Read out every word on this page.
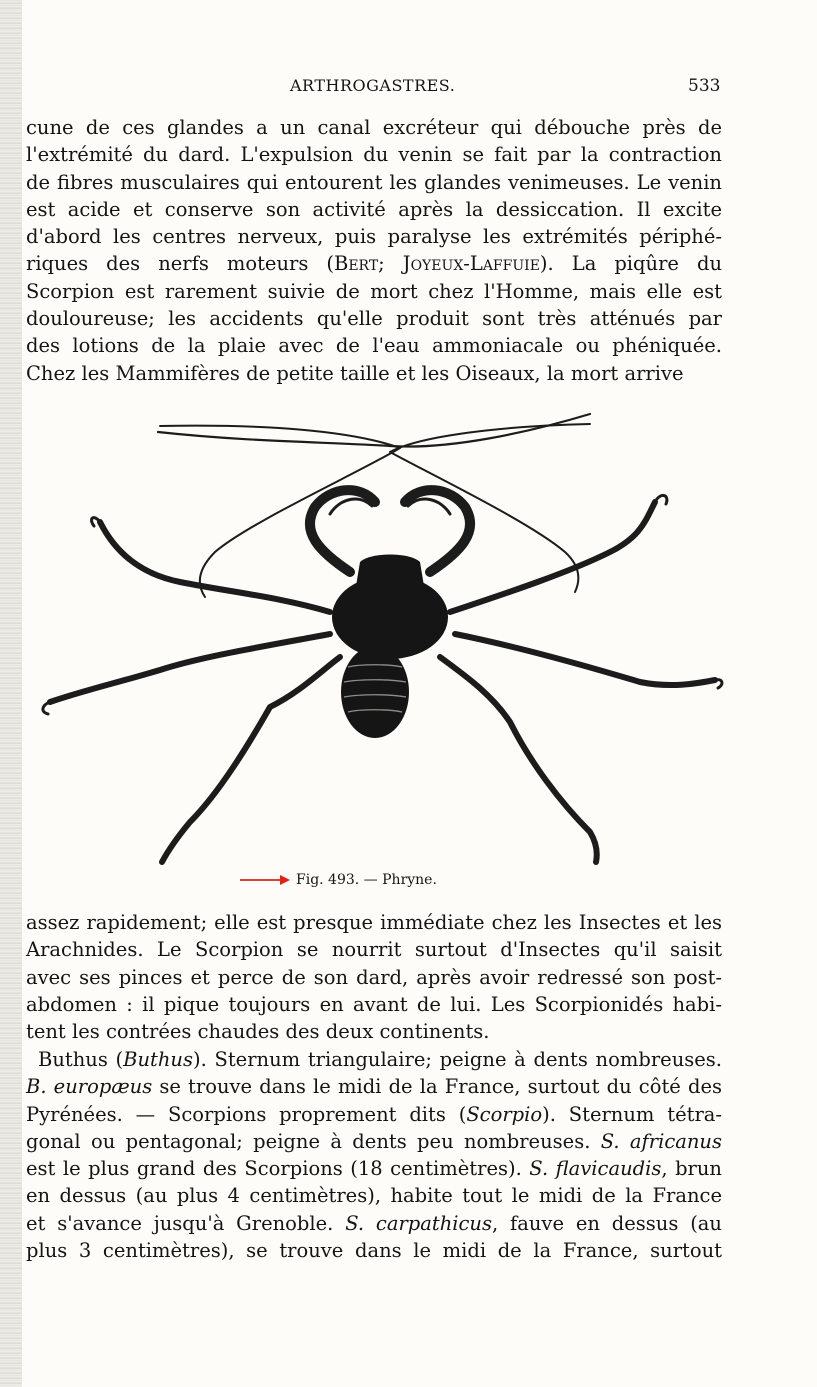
ARTHROGASTRES.	533
cune de ces glandes a un canal excréteur qui débouche près de
l'extrémité du dard. L'expulsion du venin se fait par la contraction
de fibres musculaires qui entourent les glandes venimeuses. Le venin
est acide et conserve son activité après la dessiccation. Il excite
d'abord les centres nerveux, puis paralyse les extrémités périphé-
riques des nerfs moteurs (Bert; Joyeux-Laffuie). La piqûre du
Scorpion est rarement suivie de mort chez l'Homme, mais elle est
douloureuse; les accidents qu'elle produit sont très atténués par
des lotions de la plaie avec de l'eau ammoniacale ou phéniquée.
Chez les Mammifères de petite taille et les Oiseaux, la mort arrive
Fig. 493. — Phryne.
assez rapidement; elle est presque immédiate chez les Insectes et les
Arachnides. Le Scorpion se nourrit surtout d'Insectes qu'il saisit
avec ses pinces et perce de son dard, après avoir redressé son post-
abdomen : il pique toujours en avant de lui. Les Scorpionidés habi-
tent les contrées chaudes des deux continents.
Buthus (Buthus). Sternum triangulaire; peigne à dents nombreuses.
B. europæus se trouve dans le midi de la France, surtout du côté des
Pyrénées. — Scorpions proprement dits (Scorpio). Sternum tétra-
gonal ou pentagonal; peigne à dents peu nombreuses. S. africanus
est le plus grand des Scorpions (18 centimètres). S. flavicaudis, brun
en dessus (au plus 4 centimètres), habite tout le midi de la France
et s'avance jusqu'à Grenoble. S. carpathicus, fauve en dessus (au
plus 3 centimètres), se trouve dans le midi de la France, surtout
